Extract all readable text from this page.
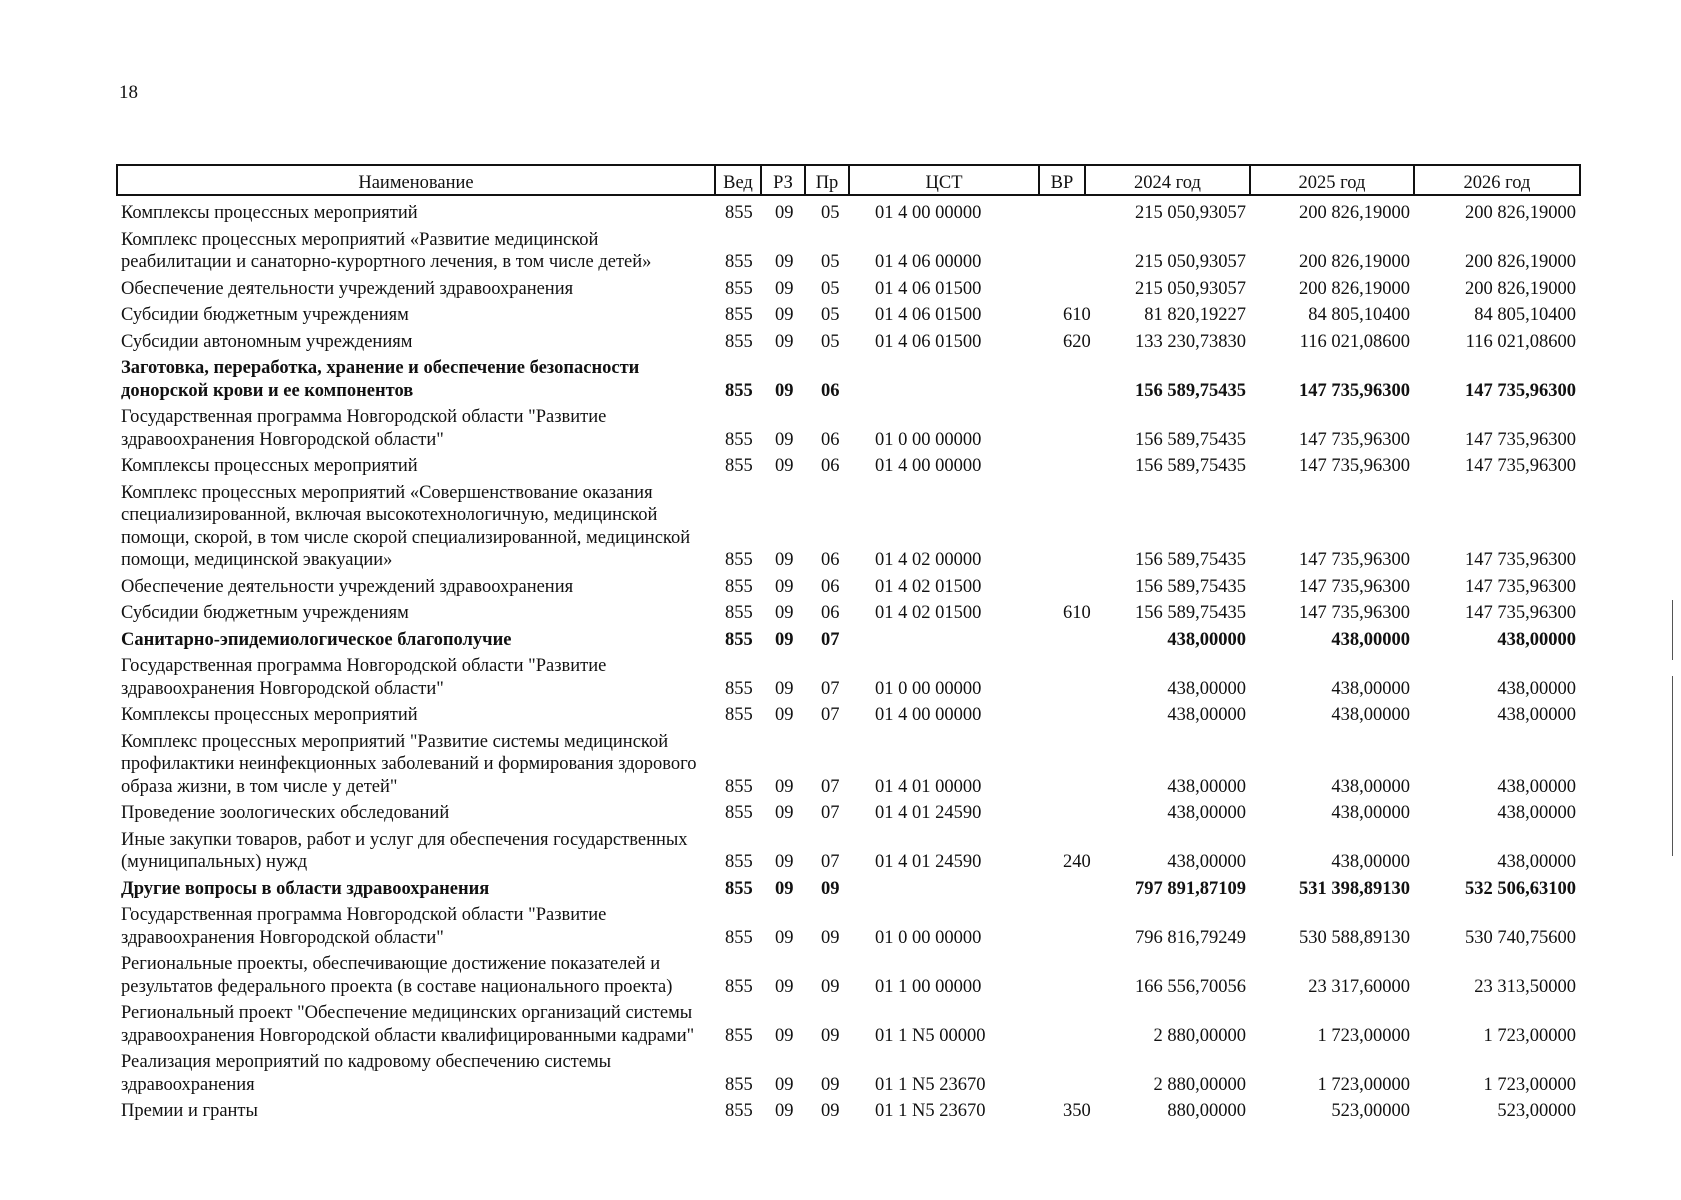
18
Наименование	Вед	РЗ	Пр	ЦСТ	ВР	2024 год	2025 год	2026 год
Комплексы процессных мероприятий	855	09	05	01 4 00 00000		215 050,93057	200 826,19000	200 826,19000
Комплекс процессных мероприятий «Развитие медицинской реабилитации и санаторно-курортного лечения, в том числе детей»	855	09	05	01 4 06 00000		215 050,93057	200 826,19000	200 826,19000
Обеспечение деятельности учреждений здравоохранения	855	09	05	01 4 06 01500		215 050,93057	200 826,19000	200 826,19000
Субсидии бюджетным учреждениям	855	09	05	01 4 06 01500	610	81 820,19227	84 805,10400	84 805,10400
Субсидии автономным учреждениям	855	09	05	01 4 06 01500	620	133 230,73830	116 021,08600	116 021,08600
Заготовка, переработка, хранение и обеспечение безопасности донорской крови и ее компонентов	855	09	06			156 589,75435	147 735,96300	147 735,96300
Государственная программа Новгородской области "Развитие здравоохранения Новгородской области"	855	09	06	01 0 00 00000		156 589,75435	147 735,96300	147 735,96300
Комплексы процессных мероприятий	855	09	06	01 4 00 00000		156 589,75435	147 735,96300	147 735,96300
Комплекс процессных мероприятий «Совершенствование оказания специализированной, включая высокотехнологичную, медицинской помощи, скорой, в том числе скорой специализированной, медицинской помощи, медицинской эвакуации»	855	09	06	01 4 02 00000		156 589,75435	147 735,96300	147 735,96300
Обеспечение деятельности учреждений здравоохранения	855	09	06	01 4 02 01500		156 589,75435	147 735,96300	147 735,96300
Субсидии бюджетным учреждениям	855	09	06	01 4 02 01500	610	156 589,75435	147 735,96300	147 735,96300
Санитарно-эпидемиологическое благополучие	855	09	07			438,00000	438,00000	438,00000
Государственная программа Новгородской области "Развитие здравоохранения Новгородской области"	855	09	07	01 0 00 00000		438,00000	438,00000	438,00000
Комплексы процессных мероприятий	855	09	07	01 4 00 00000		438,00000	438,00000	438,00000
Комплекс процессных мероприятий "Развитие системы медицинской профилактики неинфекционных заболеваний и формирования здорового образа жизни, в том числе у детей"	855	09	07	01 4 01 00000		438,00000	438,00000	438,00000
Проведение зоологических обследований	855	09	07	01 4 01 24590		438,00000	438,00000	438,00000
Иные закупки товаров, работ и услуг для обеспечения государственных (муниципальных) нужд	855	09	07	01 4 01 24590	240	438,00000	438,00000	438,00000
Другие вопросы в области здравоохранения	855	09	09			797 891,87109	531 398,89130	532 506,63100
Государственная программа Новгородской области "Развитие здравоохранения Новгородской области"	855	09	09	01 0 00 00000		796 816,79249	530 588,89130	530 740,75600
Региональные проекты, обеспечивающие достижение показателей и результатов федерального проекта (в составе национального проекта)	855	09	09	01 1 00 00000		166 556,70056	23 317,60000	23 313,50000
Региональный проект "Обеспечение медицинских организаций системы здравоохранения Новгородской области квалифицированными кадрами"	855	09	09	01 1 N5 00000		2 880,00000	1 723,00000	1 723,00000
Реализация мероприятий по кадровому обеспечению системы здравоохранения	855	09	09	01 1 N5 23670		2 880,00000	1 723,00000	1 723,00000
Премии и гранты	855	09	09	01 1 N5 23670	350	880,00000	523,00000	523,00000
